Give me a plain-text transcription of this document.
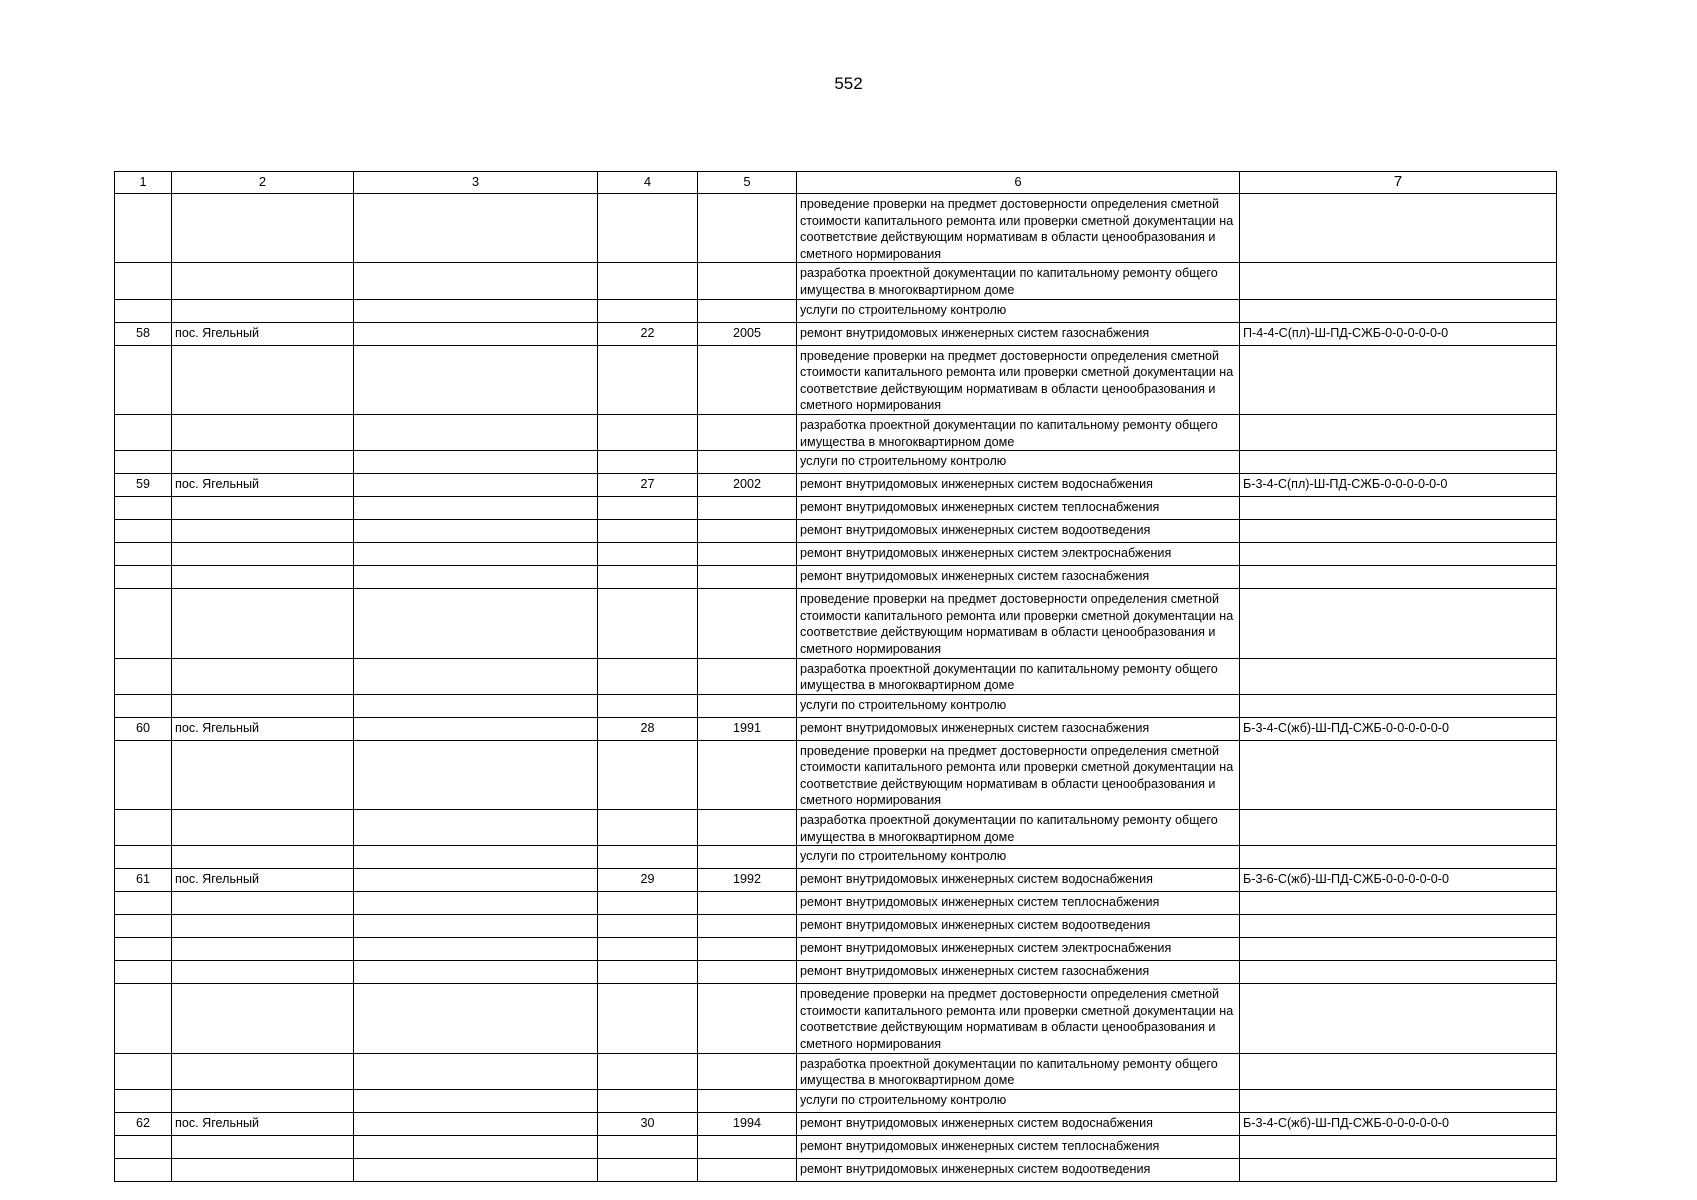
552
1	2	3	4	5	6	7
					проведение проверки на предмет достоверности определения сметной стоимости капитального ремонта или проверки сметной документации на соответствие действующим нормативам в области ценообразования и сметного нормирования	
					разработка проектной документации по капитальному ремонту общего имущества в многоквартирном доме	
					услуги по строительному контролю	
58	пос. Ягельный		22	2005	ремонт внутридомовых инженерных систем газоснабжения	П-4-4-С(пл)-Ш-ПД-СЖБ-0-0-0-0-0-0
					проведение проверки на предмет достоверности определения сметной стоимости капитального ремонта или проверки сметной документации на соответствие действующим нормативам в области ценообразования и сметного нормирования	
					разработка проектной документации по капитальному ремонту общего имущества в многоквартирном доме	
					услуги по строительному контролю	
59	пос. Ягельный		27	2002	ремонт внутридомовых инженерных систем водоснабжения	Б-3-4-С(пл)-Ш-ПД-СЖБ-0-0-0-0-0-0
					ремонт внутридомовых инженерных систем теплоснабжения	
					ремонт внутридомовых инженерных систем водоотведения	
					ремонт внутридомовых инженерных систем электроснабжения	
					ремонт внутридомовых инженерных систем газоснабжения	
					проведение проверки на предмет достоверности определения сметной стоимости капитального ремонта или проверки сметной документации на соответствие действующим нормативам в области ценообразования и сметного нормирования	
					разработка проектной документации по капитальному ремонту общего имущества в многоквартирном доме	
					услуги по строительному контролю	
60	пос. Ягельный		28	1991	ремонт внутридомовых инженерных систем газоснабжения	Б-3-4-С(жб)-Ш-ПД-СЖБ-0-0-0-0-0-0
					проведение проверки на предмет достоверности определения сметной стоимости капитального ремонта или проверки сметной документации на соответствие действующим нормативам в области ценообразования и сметного нормирования	
					разработка проектной документации по капитальному ремонту общего имущества в многоквартирном доме	
					услуги по строительному контролю	
61	пос. Ягельный		29	1992	ремонт внутридомовых инженерных систем водоснабжения	Б-3-6-С(жб)-Ш-ПД-СЖБ-0-0-0-0-0-0
					ремонт внутридомовых инженерных систем теплоснабжения	
					ремонт внутридомовых инженерных систем водоотведения	
					ремонт внутридомовых инженерных систем электроснабжения	
					ремонт внутридомовых инженерных систем газоснабжения	
					проведение проверки на предмет достоверности определения сметной стоимости капитального ремонта или проверки сметной документации на соответствие действующим нормативам в области ценообразования и сметного нормирования	
					разработка проектной документации по капитальному ремонту общего имущества в многоквартирном доме	
					услуги по строительному контролю	
62	пос. Ягельный		30	1994	ремонт внутридомовых инженерных систем водоснабжения	Б-3-4-С(жб)-Ш-ПД-СЖБ-0-0-0-0-0-0
					ремонт внутридомовых инженерных систем теплоснабжения	
					ремонт внутридомовых инженерных систем водоотведения	
